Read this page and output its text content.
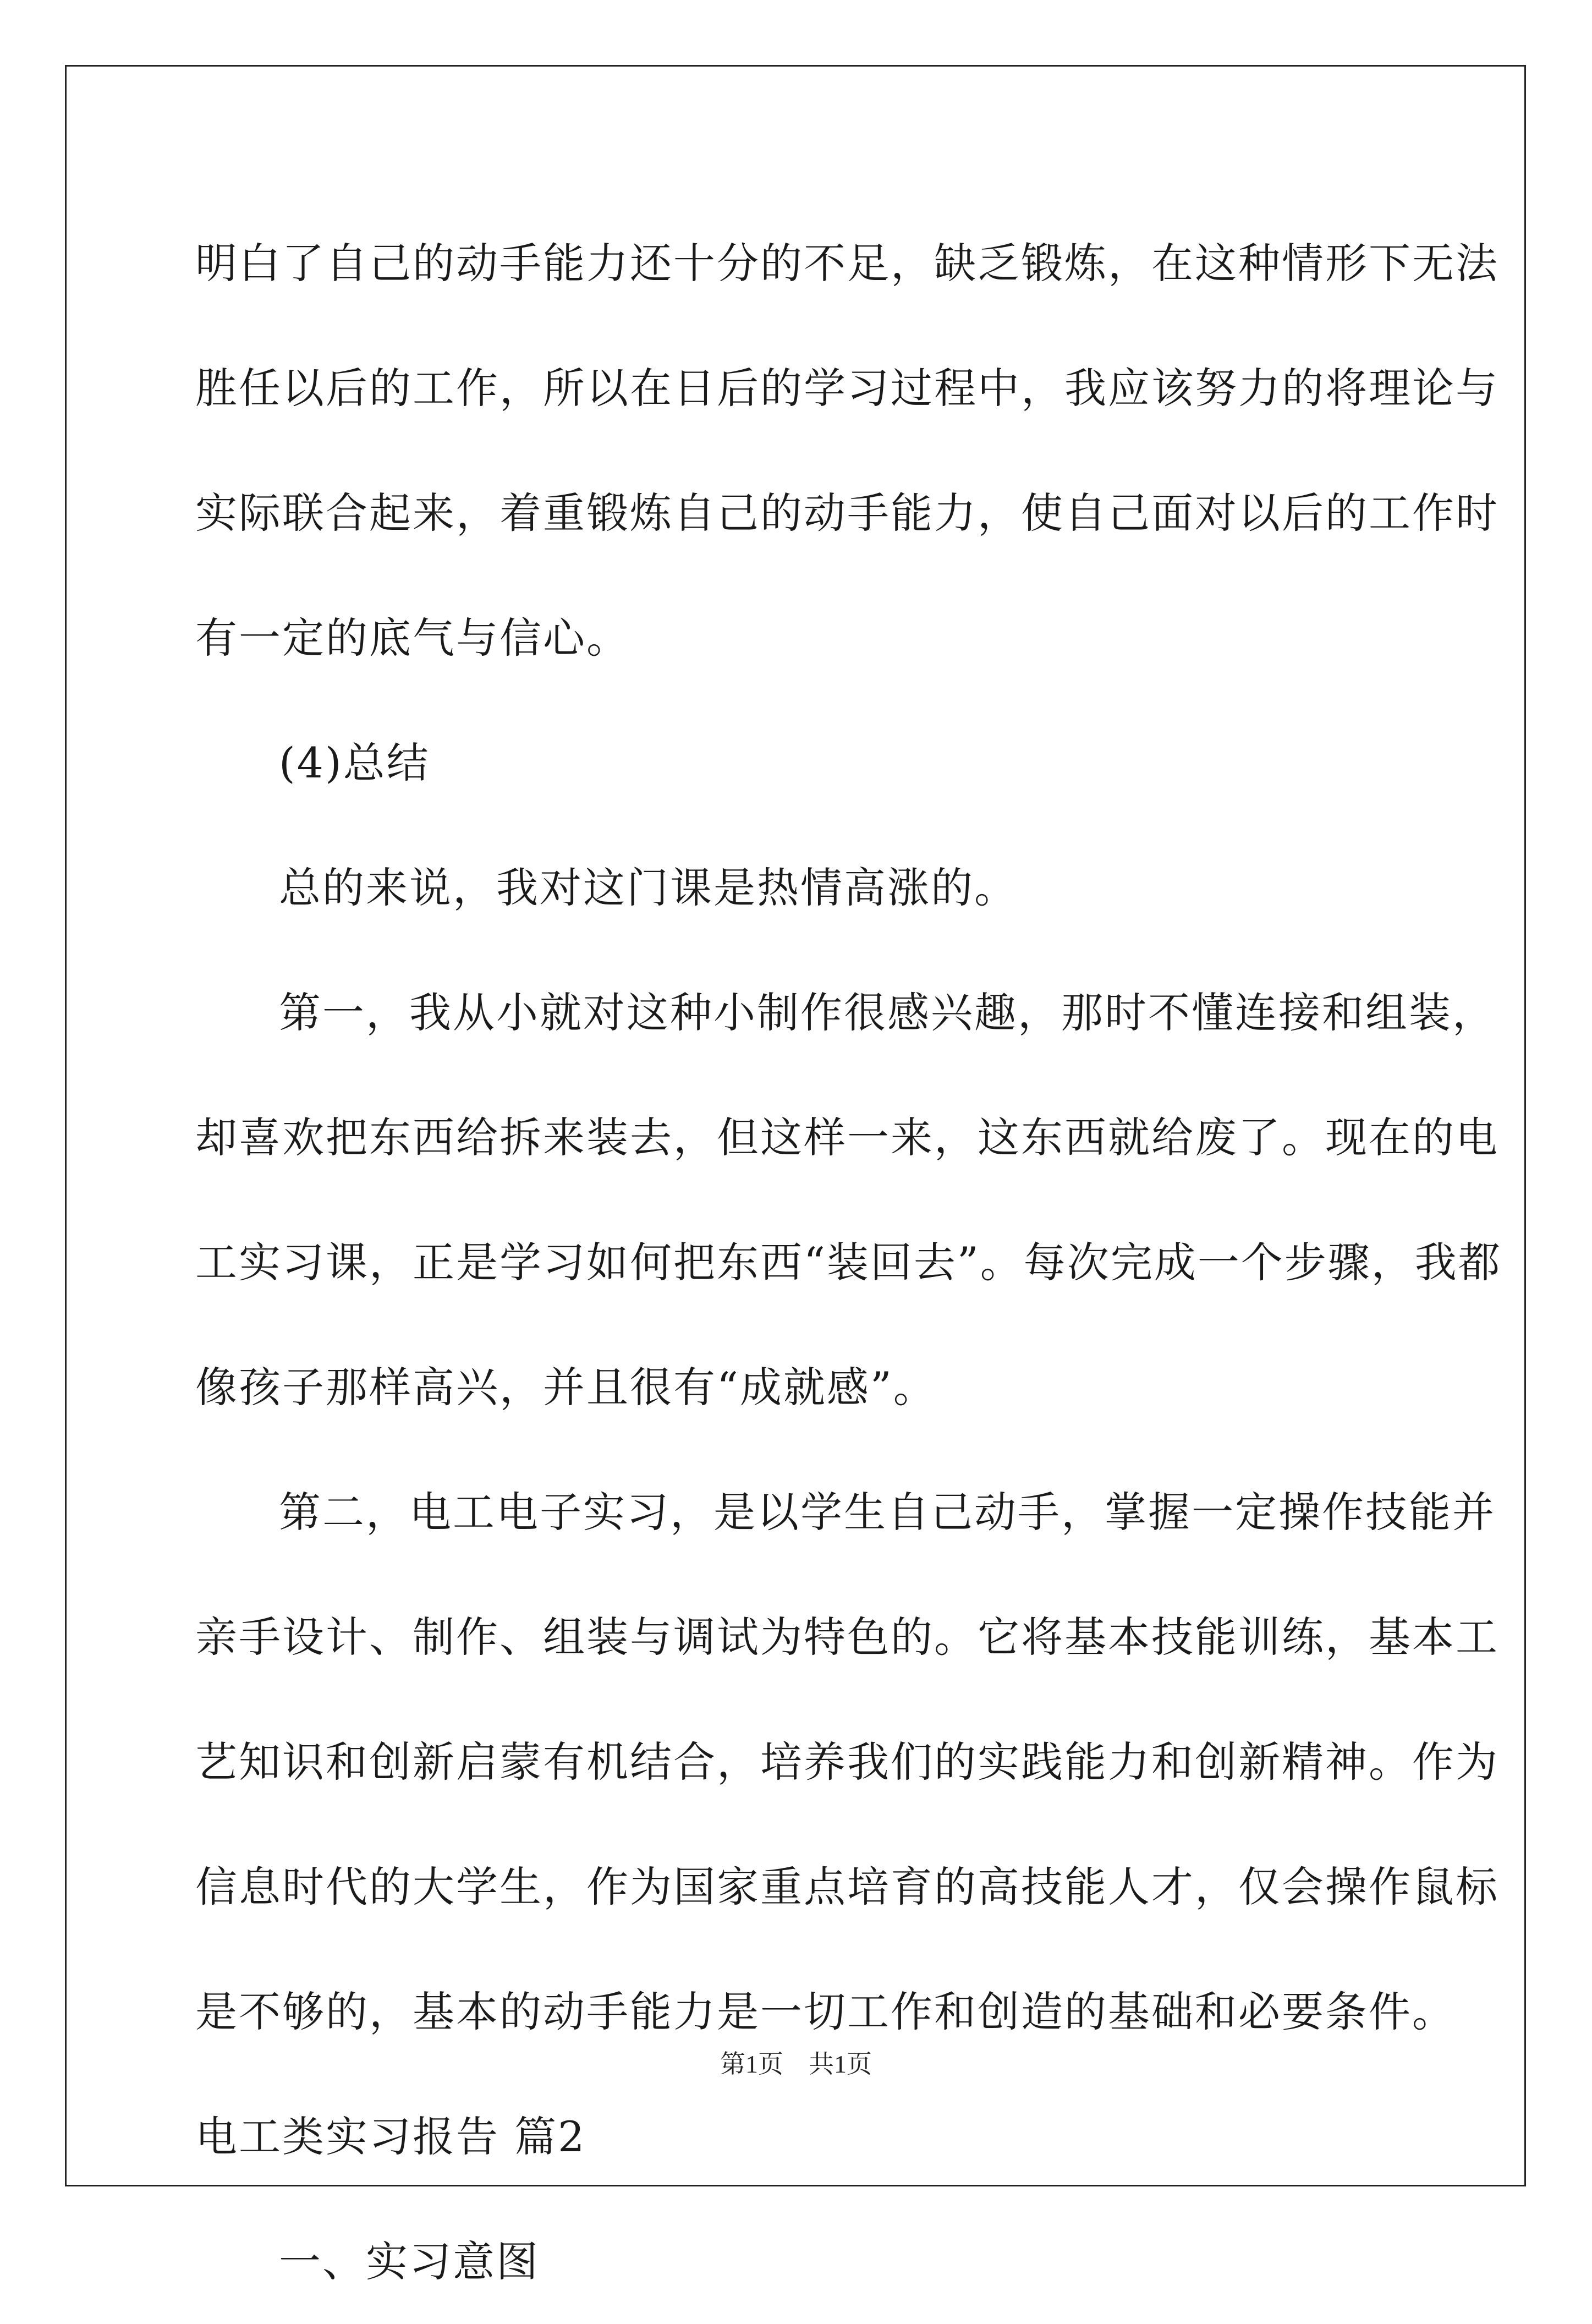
明白了自己的动手能力还十分的不足，缺乏锻炼，在这种情形下无法
胜任以后的工作，所以在日后的学习过程中，我应该努力的将理论与
实际联合起来，着重锻炼自己的动手能力，使自己面对以后的工作时
有一定的底气与信心。
(4)总结
总的来说，我对这门课是热情高涨的。
第一，我从小就对这种小制作很感兴趣，那时不懂连接和组装，
却喜欢把东西给拆来装去，但这样一来，这东西就给废了。现在的电
工实习课，正是学习如何把东西“装回去”。每次完成一个步骤，我都
像孩子那样高兴，并且很有“成就感”。
第二，电工电子实习，是以学生自己动手，掌握一定操作技能并
亲手设计、制作、组装与调试为特色的。它将基本技能训练，基本工
艺知识和创新启蒙有机结合，培养我们的实践能力和创新精神。作为
信息时代的大学生，作为国家重点培育的高技能人才，仅会操作鼠标
是不够的，基本的动手能力是一切工作和创造的基础和必要条件。
电工类实习报告 篇2
一、实习意图
第1页　共1页
